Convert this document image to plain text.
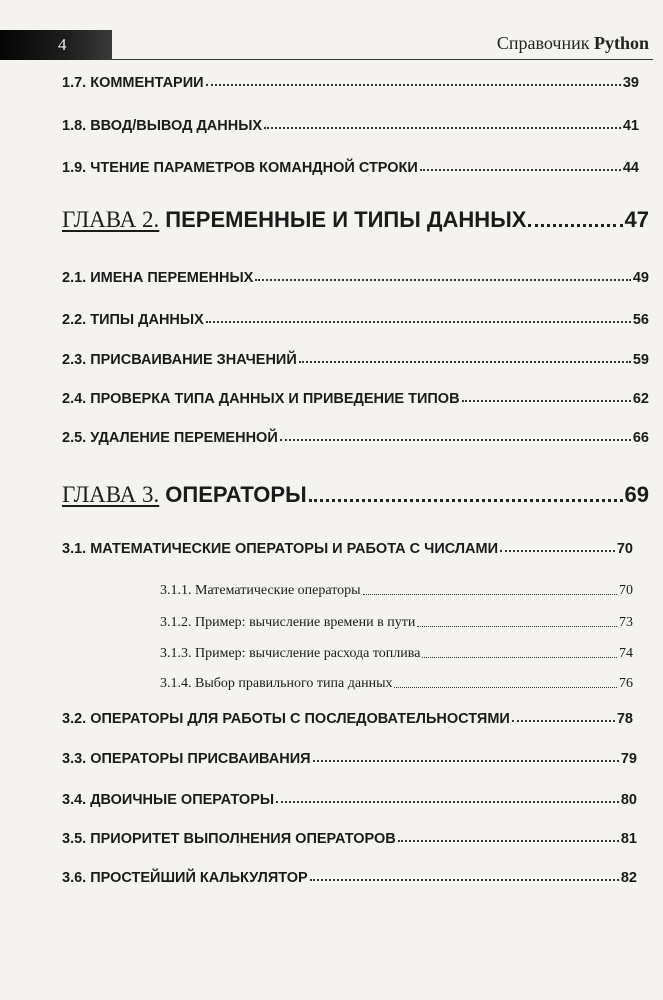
4	Справочник Python
1.7. КОММЕНТАРИИ	39
1.8. ВВОД/ВЫВОД ДАННЫХ	41
1.9. ЧТЕНИЕ ПАРАМЕТРОВ КОМАНДНОЙ СТРОКИ	44
ГЛАВА 2. ПЕРЕМЕННЫЕ И ТИПЫ ДАННЫХ	47
2.1. ИМЕНА ПЕРЕМЕННЫХ	49
2.2. ТИПЫ ДАННЫХ	56
2.3. ПРИСВАИВАНИЕ ЗНАЧЕНИЙ	59
2.4. ПРОВЕРКА ТИПА ДАННЫХ И ПРИВЕДЕНИЕ ТИПОВ	62
2.5. УДАЛЕНИЕ ПЕРЕМЕННОЙ	66
ГЛАВА 3. ОПЕРАТОРЫ	69
3.1. МАТЕМАТИЧЕСКИЕ ОПЕРАТОРЫ И РАБОТА С ЧИСЛАМИ	70
3.1.1. Математические операторы	70
3.1.2. Пример: вычисление времени в пути	73
3.1.3. Пример: вычисление расхода топлива	74
3.1.4. Выбор правильного типа данных	76
3.2. ОПЕРАТОРЫ ДЛЯ РАБОТЫ С ПОСЛЕДОВАТЕЛЬНОСТЯМИ	78
3.3. ОПЕРАТОРЫ ПРИСВАИВАНИЯ	79
3.4. ДВОИЧНЫЕ ОПЕРАТОРЫ	80
3.5. ПРИОРИТЕТ ВЫПОЛНЕНИЯ ОПЕРАТОРОВ	81
3.6. ПРОСТЕЙШИЙ КАЛЬКУЛЯТОР	82
